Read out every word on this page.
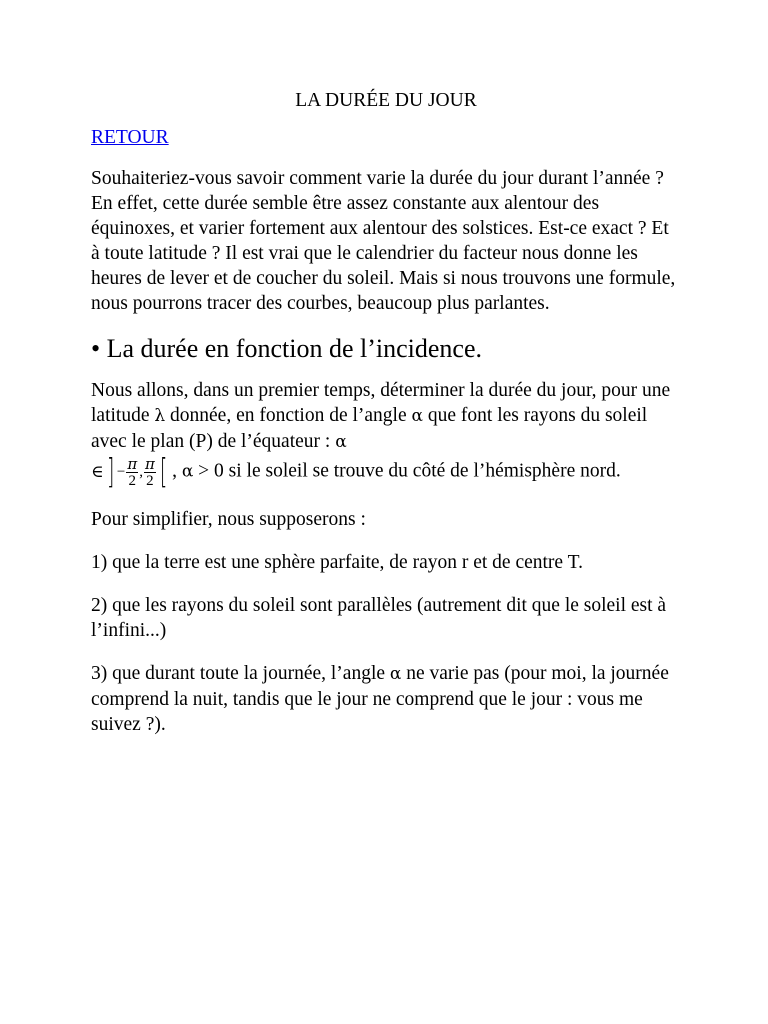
LA DURÉE DU JOUR
RETOUR

Souhaiteriez-vous savoir comment varie la durée du jour durant l’année ? En effet, cette durée semble être assez constante aux alentour des équinoxes, et varier fortement aux alentour des solstices. Est-ce exact ? Et à toute latitude ? Il est vrai que le calendrier du facteur nous donne les heures de lever et de coucher du soleil. Mais si nous trouvons une formule, nous pourrons tracer des courbes, beaucoup plus parlantes.

• La durée en fonction de l’incidence.

Nous allons, dans un premier temps, déterminer la durée du jour, pour une latitude λ donnée, en fonction de l’angle α que font les rayons du soleil avec le plan (P) de l’équateur : α

∈ ] − $\frac{\pi}{2}$ , $\frac{\pi}{2}$ [ , α > 0 si le soleil se trouve du côté de l’hémisphère nord.

Pour simplifier, nous supposerons :

1) que la terre est une sphère parfaite, de rayon r et de centre T.

2) que les rayons du soleil sont parallèles (autrement dit que le soleil est à l’infini...)

3) que durant toute la journée, l’angle α ne varie pas (pour moi, la journée comprend la nuit, tandis que le jour ne comprend que le jour : vous me suivez ?).
